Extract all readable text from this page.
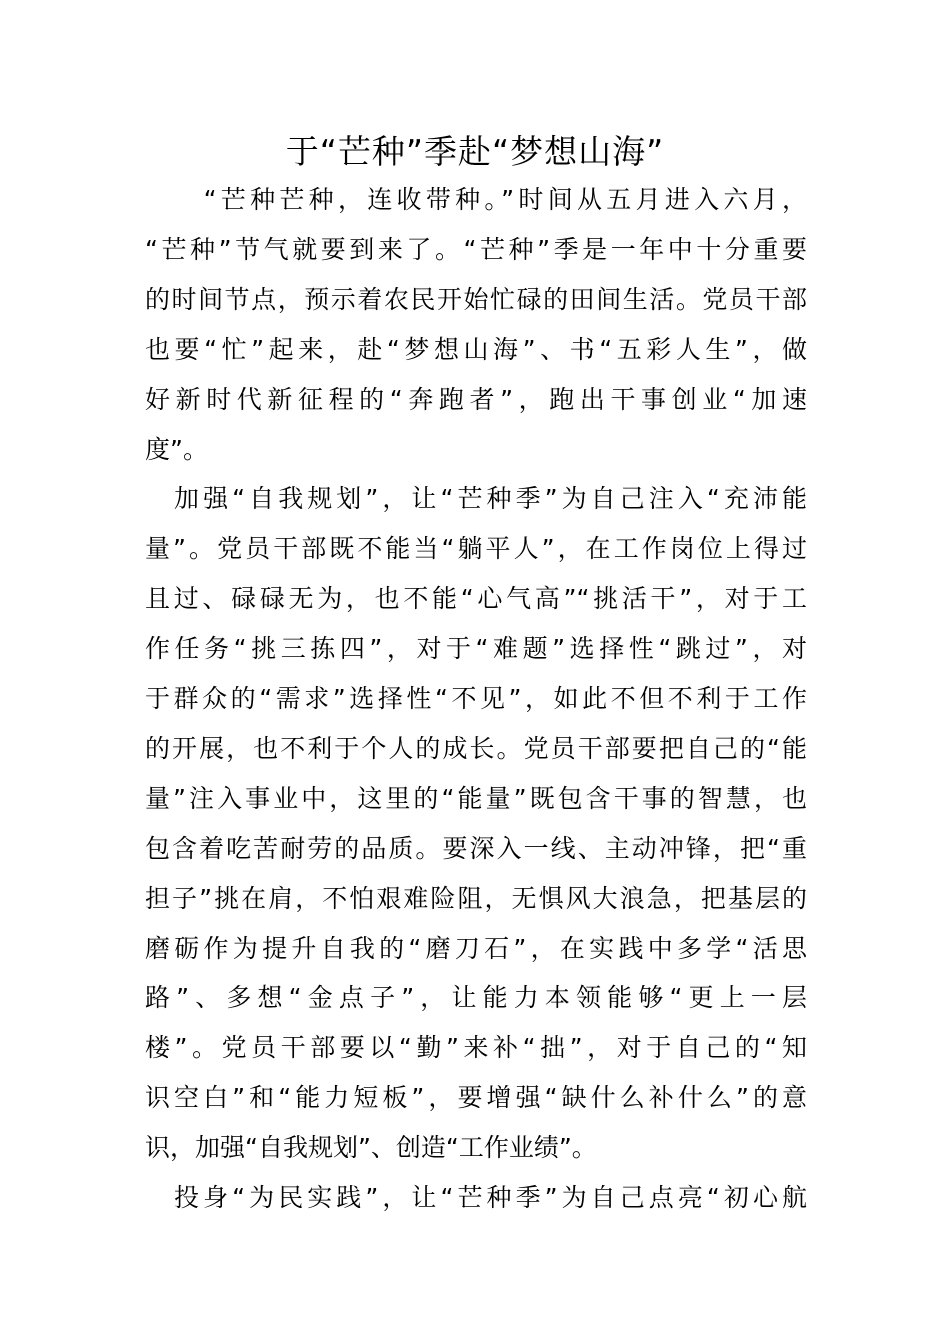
于“芒种”季赴“梦想山海”

　　“芒种芒种，连收带种。”时间从五月进入六月，

“芒种”节气就要到来了。“芒种”季是一年中十分重要

的时间节点，预示着农民开始忙碌的田间生活。党员干部

也要“忙”起来，赴“梦想山海”、书“五彩人生”，做

好新时代新征程的“奔跑者”，跑出干事创业“加速

度”。

　加强“自我规划”，让“芒种季”为自己注入“充沛能

量”。党员干部既不能当“躺平人”，在工作岗位上得过

且过、碌碌无为，也不能“心气高”“挑活干”，对于工

作任务“挑三拣四”，对于“难题”选择性“跳过”，对

于群众的“需求”选择性“不见”，如此不但不利于工作

的开展，也不利于个人的成长。党员干部要把自己的“能

量”注入事业中，这里的“能量”既包含干事的智慧，也

包含着吃苦耐劳的品质。要深入一线、主动冲锋，把“重

担子”挑在肩，不怕艰难险阻，无惧风大浪急，把基层的

磨砺作为提升自我的“磨刀石”，在实践中多学“活思

路”、多想“金点子”，让能力本领能够“更上一层

楼”。党员干部要以“勤”来补“拙”，对于自己的“知

识空白”和“能力短板”，要增强“缺什么补什么”的意

识，加强“自我规划”、创造“工作业绩”。

　投身“为民实践”，让“芒种季”为自己点亮“初心航
